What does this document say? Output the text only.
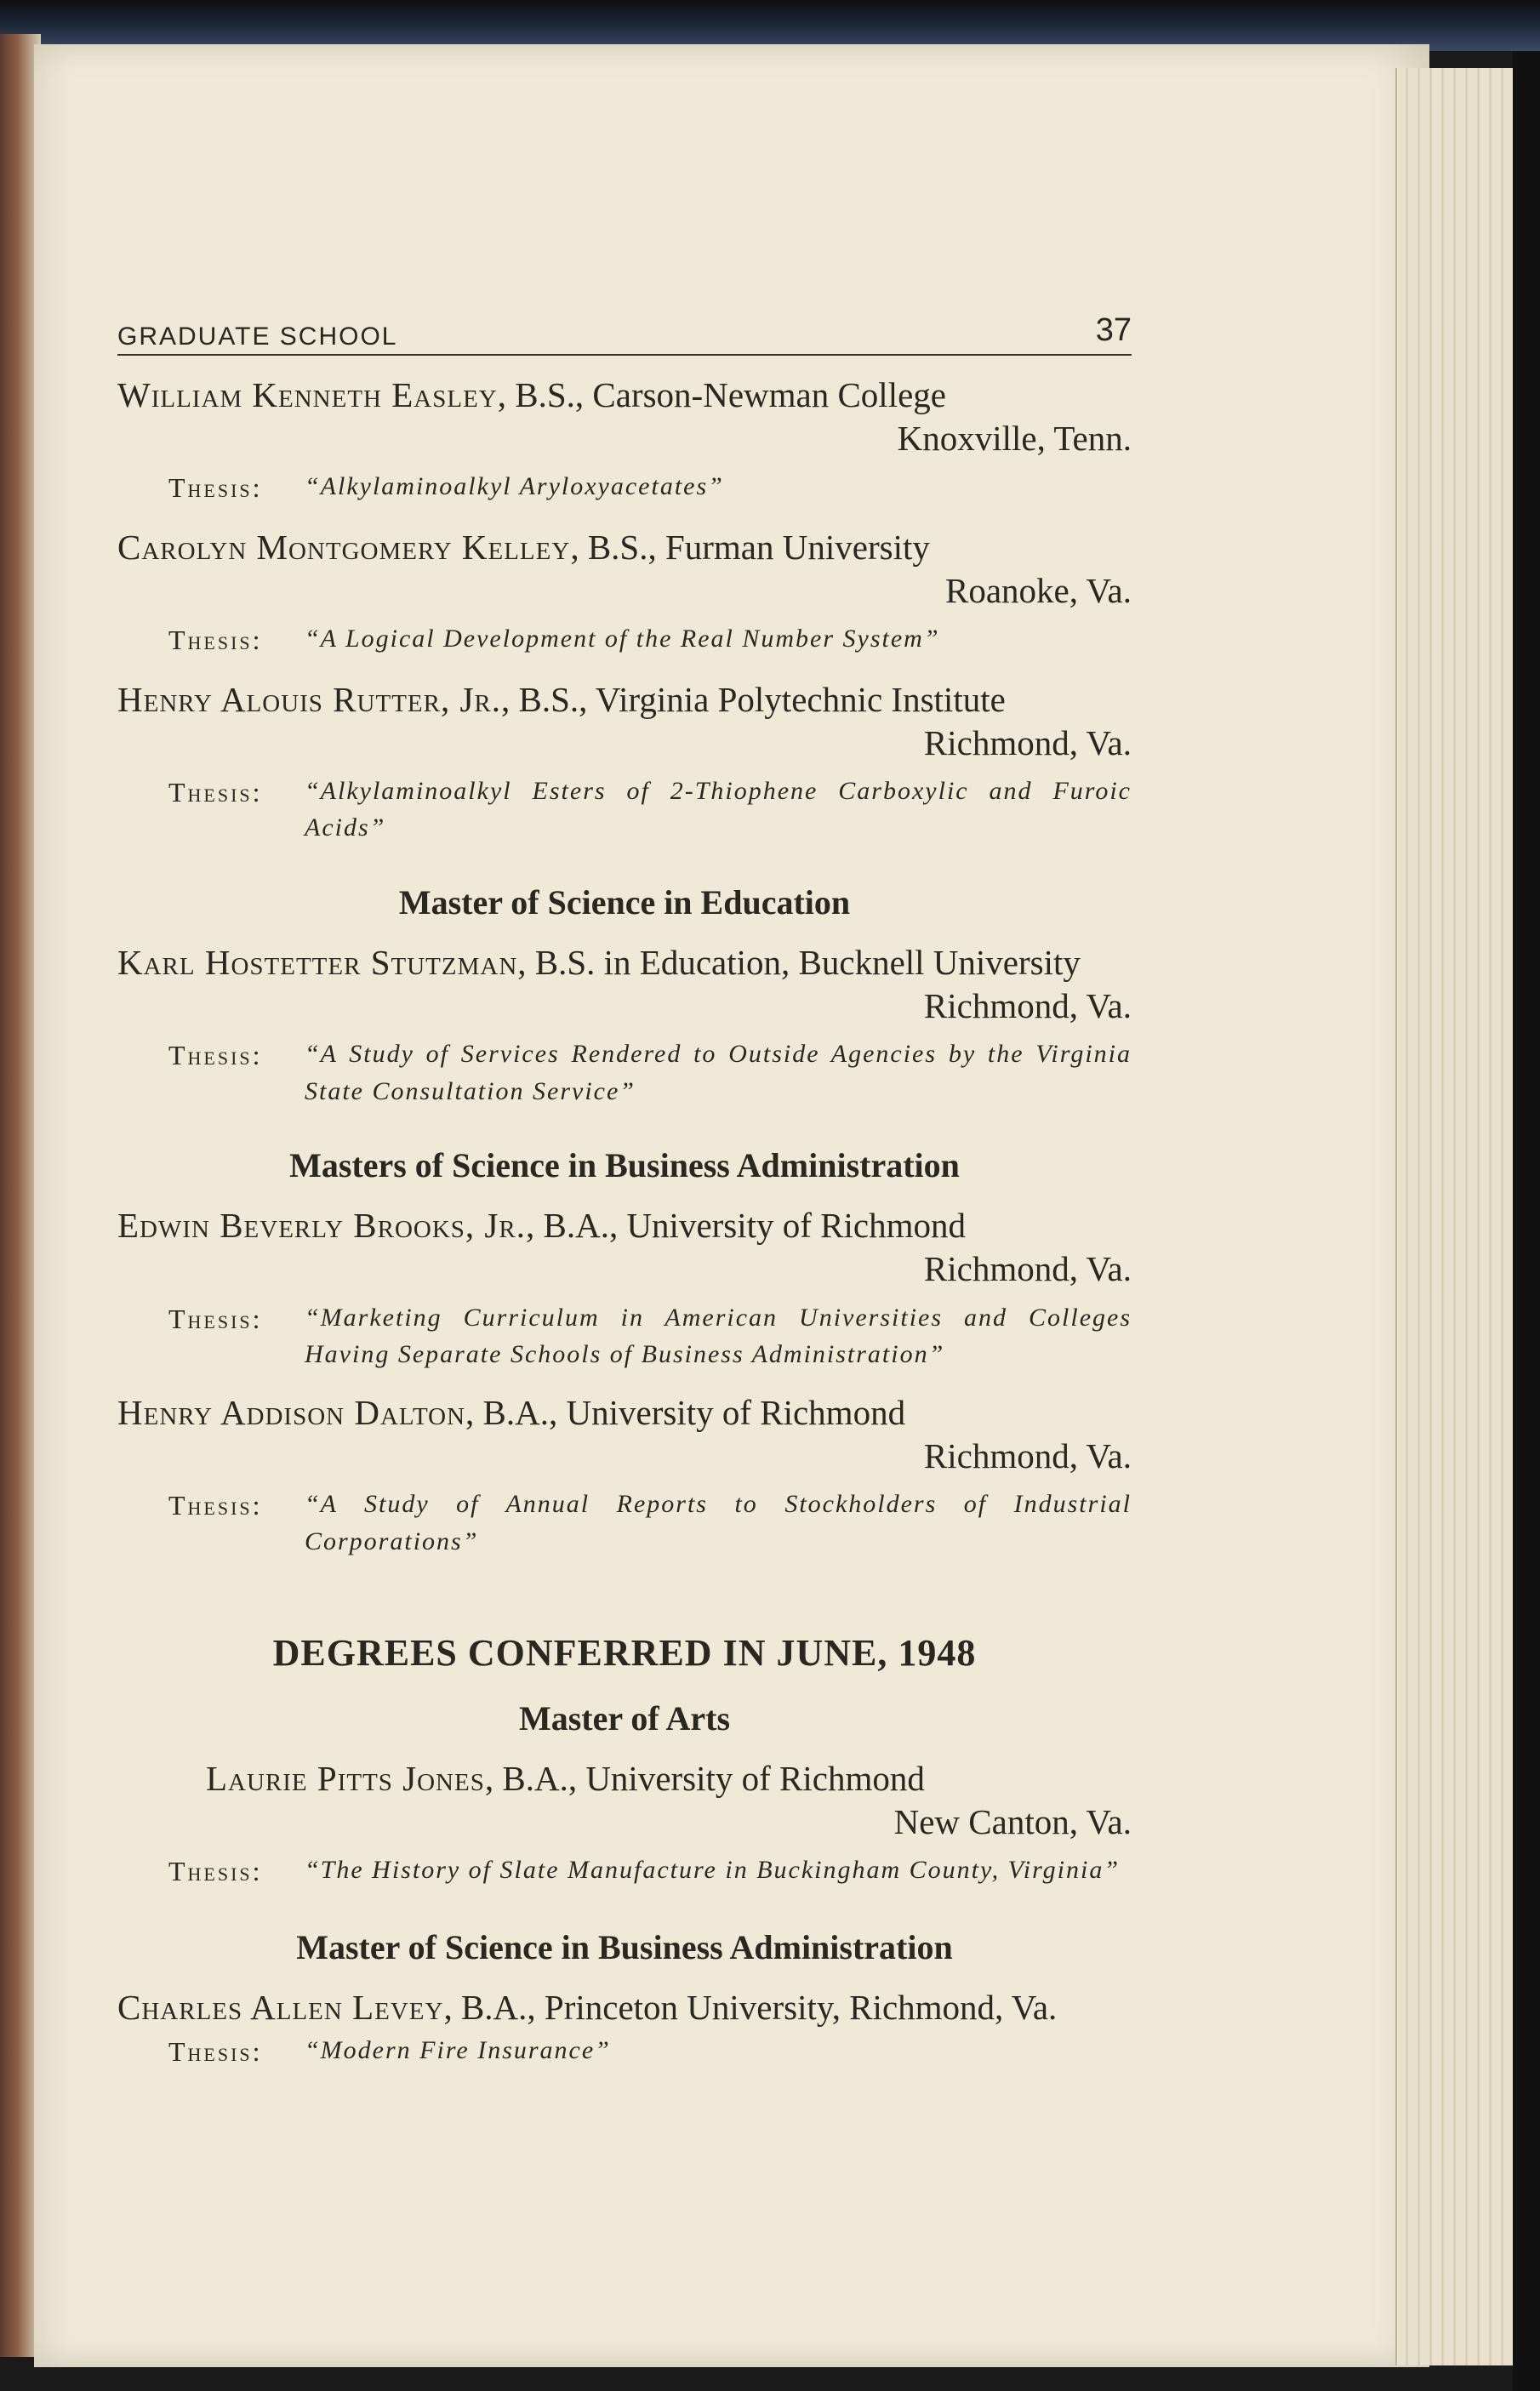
GRADUATE SCHOOL	37
William Kenneth Easley, B.S., Carson-Newman College
Knoxville, Tenn.
Thesis:	“Alkylaminoalkyl Aryloxyacetates”
Carolyn Montgomery Kelley, B.S., Furman University
Roanoke, Va.
Thesis:	“A Logical Development of the Real Number System”
Henry Alouis Rutter, Jr., B.S., Virginia Polytechnic Institute
Richmond, Va.
Thesis:	“Alkylaminoalkyl Esters of 2-Thiophene Carboxylic and Furoic Acids”
Master of Science in Education
Karl Hostetter Stutzman, B.S. in Education, Bucknell University
Richmond, Va.
Thesis:	“A Study of Services Rendered to Outside Agencies by the Virginia State Consultation Service”
Masters of Science in Business Administration
Edwin Beverly Brooks, Jr., B.A., University of Richmond
Richmond, Va.
Thesis:	“Marketing Curriculum in American Universities and Colleges Having Separate Schools of Business Administration”
Henry Addison Dalton, B.A., University of Richmond
Richmond, Va.
Thesis:	“A Study of Annual Reports to Stockholders of Industrial Corporations”
DEGREES CONFERRED IN JUNE, 1948
Master of Arts
Laurie Pitts Jones, B.A., University of Richmond
New Canton, Va.
Thesis:	“The History of Slate Manufacture in Buckingham County, Virginia”
Master of Science in Business Administration
Charles Allen Levey, B.A., Princeton University, Richmond, Va.
Thesis:	“Modern Fire Insurance”
